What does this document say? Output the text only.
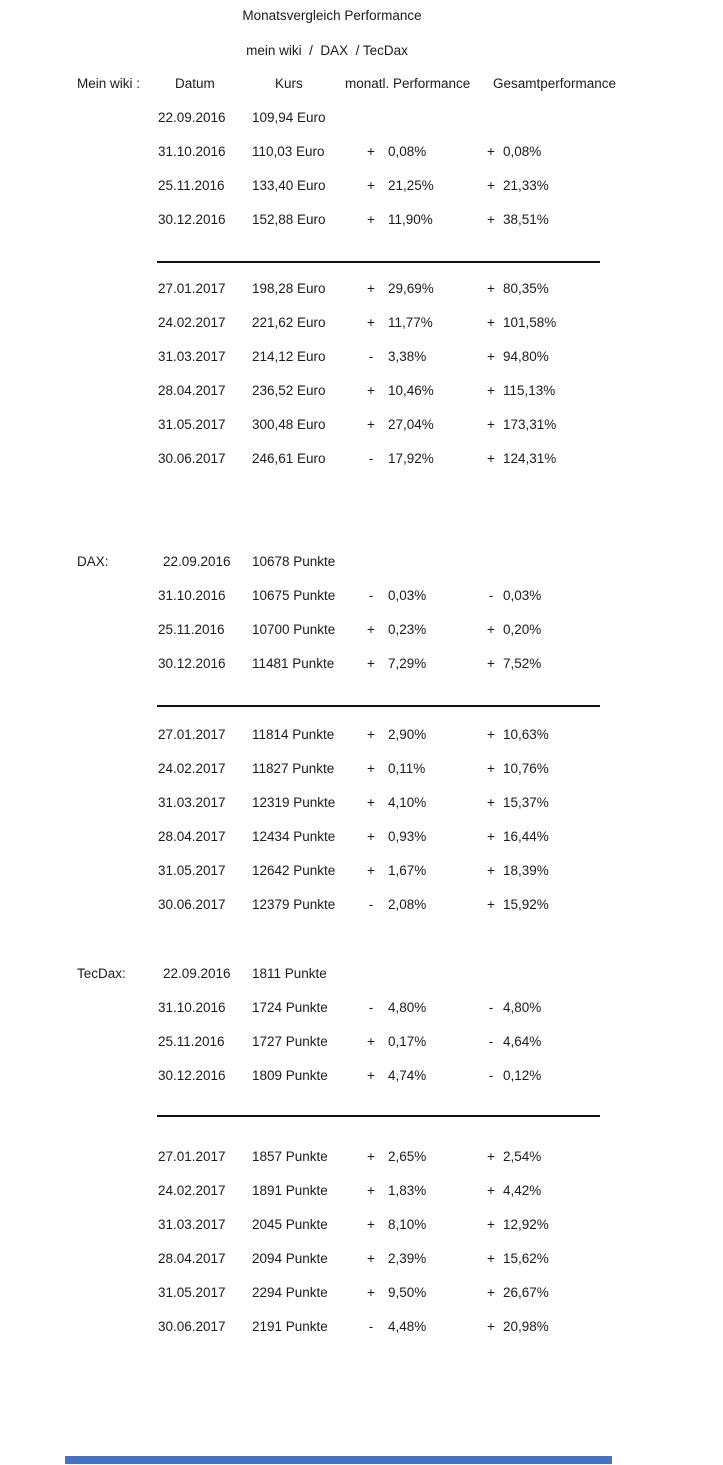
Monatsvergleich Performance
mein wiki  /  DAX  / TecDax
Mein wiki :	Datum	Kurs	monatl. Performance Gesamtperformance
22.09.2016 109,94 Euro
31.10.2016 110,03 Euro	+ 0,08%	+ 0,08%
25.11.2016 133,40 Euro	+ 21,25%	+ 21,33%
30.12.2016 152,88 Euro	+ 11,90%	+ 38,51%
27.01.2017 198,28 Euro	+ 29,69%	+ 80,35%
24.02.2017 221,62 Euro	+ 11,77%	+ 101,58%
31.03.2017 214,12 Euro	-	3,38%	+ 94,80%
28.04.2017 236,52 Euro	+ 10,46%	+ 115,13%
31.05.2017 300,48 Euro	+ 27,04%	+ 173,31%
30.06.2017 246,61 Euro	-	17,92%	+ 124,31%
DAX:	22.09.2016 10678 Punkte
31.10.2016 10675 Punkte	-	0,03%	- 0,03%
25.11.2016 10700 Punkte + 0,23%	+ 0,20%
30.12.2016 11481 Punkte + 7,29%	+ 7,52%
27.01.2017 11814 Punkte + 2,90%	+ 10,63%
24.02.2017 11827 Punkte + 0,11%	+ 10,76%
31.03.2017 12319 Punkte + 4,10%	+ 15,37%
28.04.2017 12434 Punkte + 0,93%	+ 16,44%
31.05.2017 12642 Punkte + 1,67%	+ 18,39%
30.06.2017 12379 Punkte	-	2,08%	+ 15,92%
TecDax:	22.09.2016 1811 Punkte
31.10.2016 1724 Punkte	-	4,80%	- 4,80%
25.11.2016 1727 Punkte	+ 0,17%	- 4,64%
30.12.2016 1809 Punkte	+ 4,74%	- 0,12%
27.01.2017 1857 Punkte	+ 2,65%	+ 2,54%
24.02.2017 1891 Punkte	+ 1,83%	+ 4,42%
31.03.2017 2045 Punkte	+ 8,10%	+ 12,92%
28.04.2017 2094 Punkte	+ 2,39%	+ 15,62%
31.05.2017 2294 Punkte	+ 9,50%	+ 26,67%
30.06.2017 2191 Punkte	-	4,48%	+ 20,98%
